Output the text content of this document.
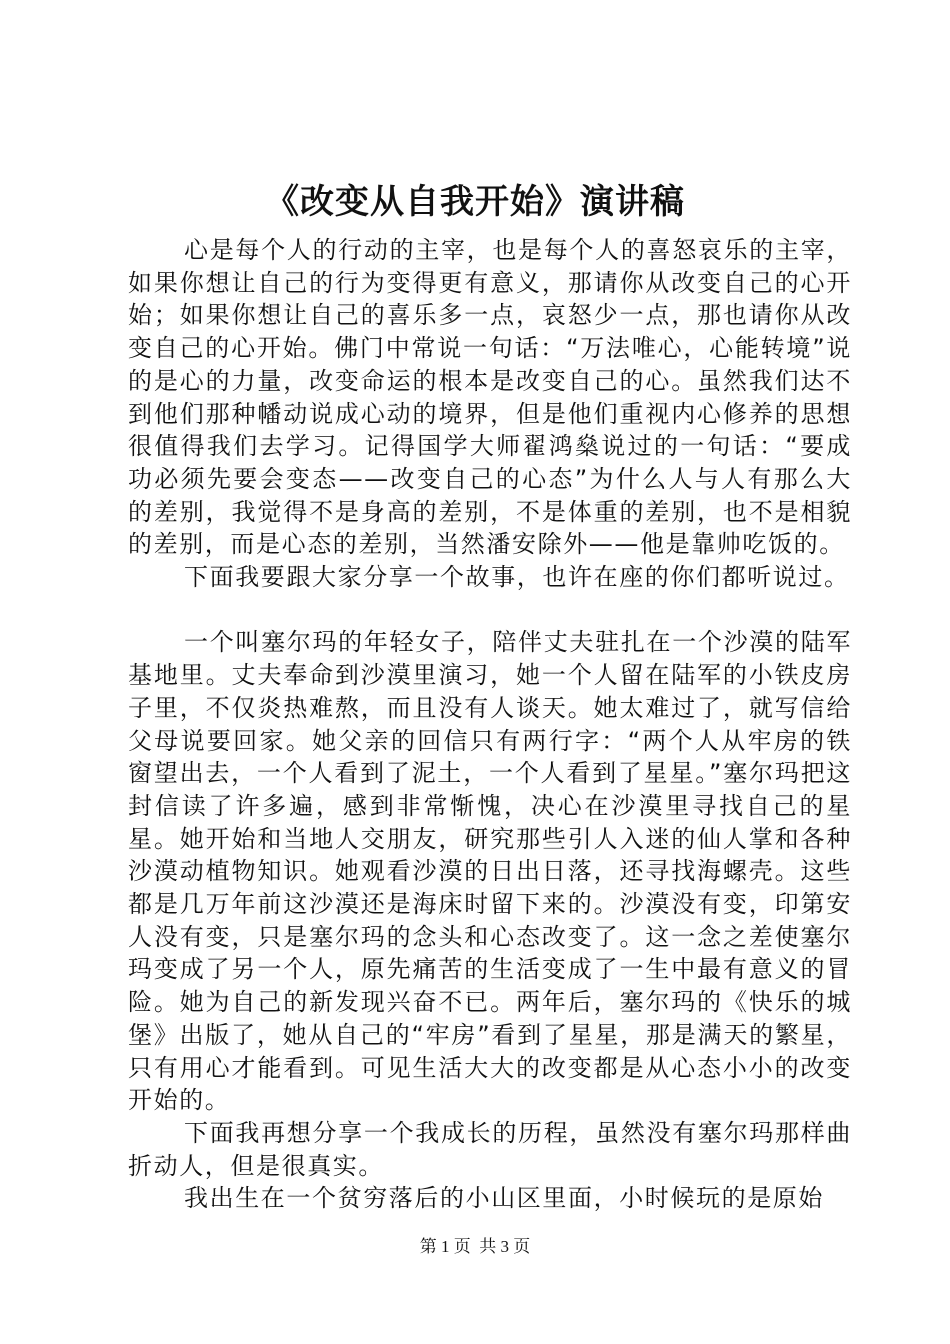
《改变从自我开始》演讲稿

心是每个人的行动的主宰，也是每个人的喜怒哀乐的主宰，如果你想让自己的行为变得更有意义，那请你从改变自己的心开始；如果你想让自己的喜乐多一点，哀怒少一点，那也请你从改变自己的心开始。佛门中常说一句话：“万法唯心，心能转境”说的是心的力量，改变命运的根本是改变自己的心。虽然我们达不到他们那种幡动说成心动的境界，但是他们重视内心修养的思想很值得我们去学习。记得国学大师翟鸿燊说过的一句话：“要成功必须先要会变态——改变自己的心态”为什么人与人有那么大的差别，我觉得不是身高的差别，不是体重的差别，也不是相貌的差别，而是心态的差别，当然潘安除外——他是靠帅吃饭的。

下面我要跟大家分享一个故事，也许在座的你们都听说过。

一个叫塞尔玛的年轻女子，陪伴丈夫驻扎在一个沙漠的陆军基地里。丈夫奉命到沙漠里演习，她一个人留在陆军的小铁皮房子里，不仅炎热难熬，而且没有人谈天。她太难过了，就写信给父母说要回家。她父亲的回信只有两行字：“两个人从牢房的铁窗望出去，一个人看到了泥土，一个人看到了星星。”塞尔玛把这封信读了许多遍，感到非常惭愧，决心在沙漠里寻找自己的星星。她开始和当地人交朋友，研究那些引人入迷的仙人掌和各种沙漠动植物知识。她观看沙漠的日出日落，还寻找海螺壳。这些都是几万年前这沙漠还是海床时留下来的。沙漠没有变，印第安人没有变，只是塞尔玛的念头和心态改变了。这一念之差使塞尔玛变成了另一个人，原先痛苦的生活变成了一生中最有意义的冒险。她为自己的新发现兴奋不已。两年后，塞尔玛的《快乐的城堡》出版了，她从自己的“牢房”看到了星星，那是满天的繁星，只有用心才能看到。可见生活大大的改变都是从心态小小的改变开始的。

下面我再想分享一个我成长的历程，虽然没有塞尔玛那样曲折动人，但是很真实。

我出生在一个贫穷落后的小山区里面，小时候玩的是原始

第 1 页  共 3 页
